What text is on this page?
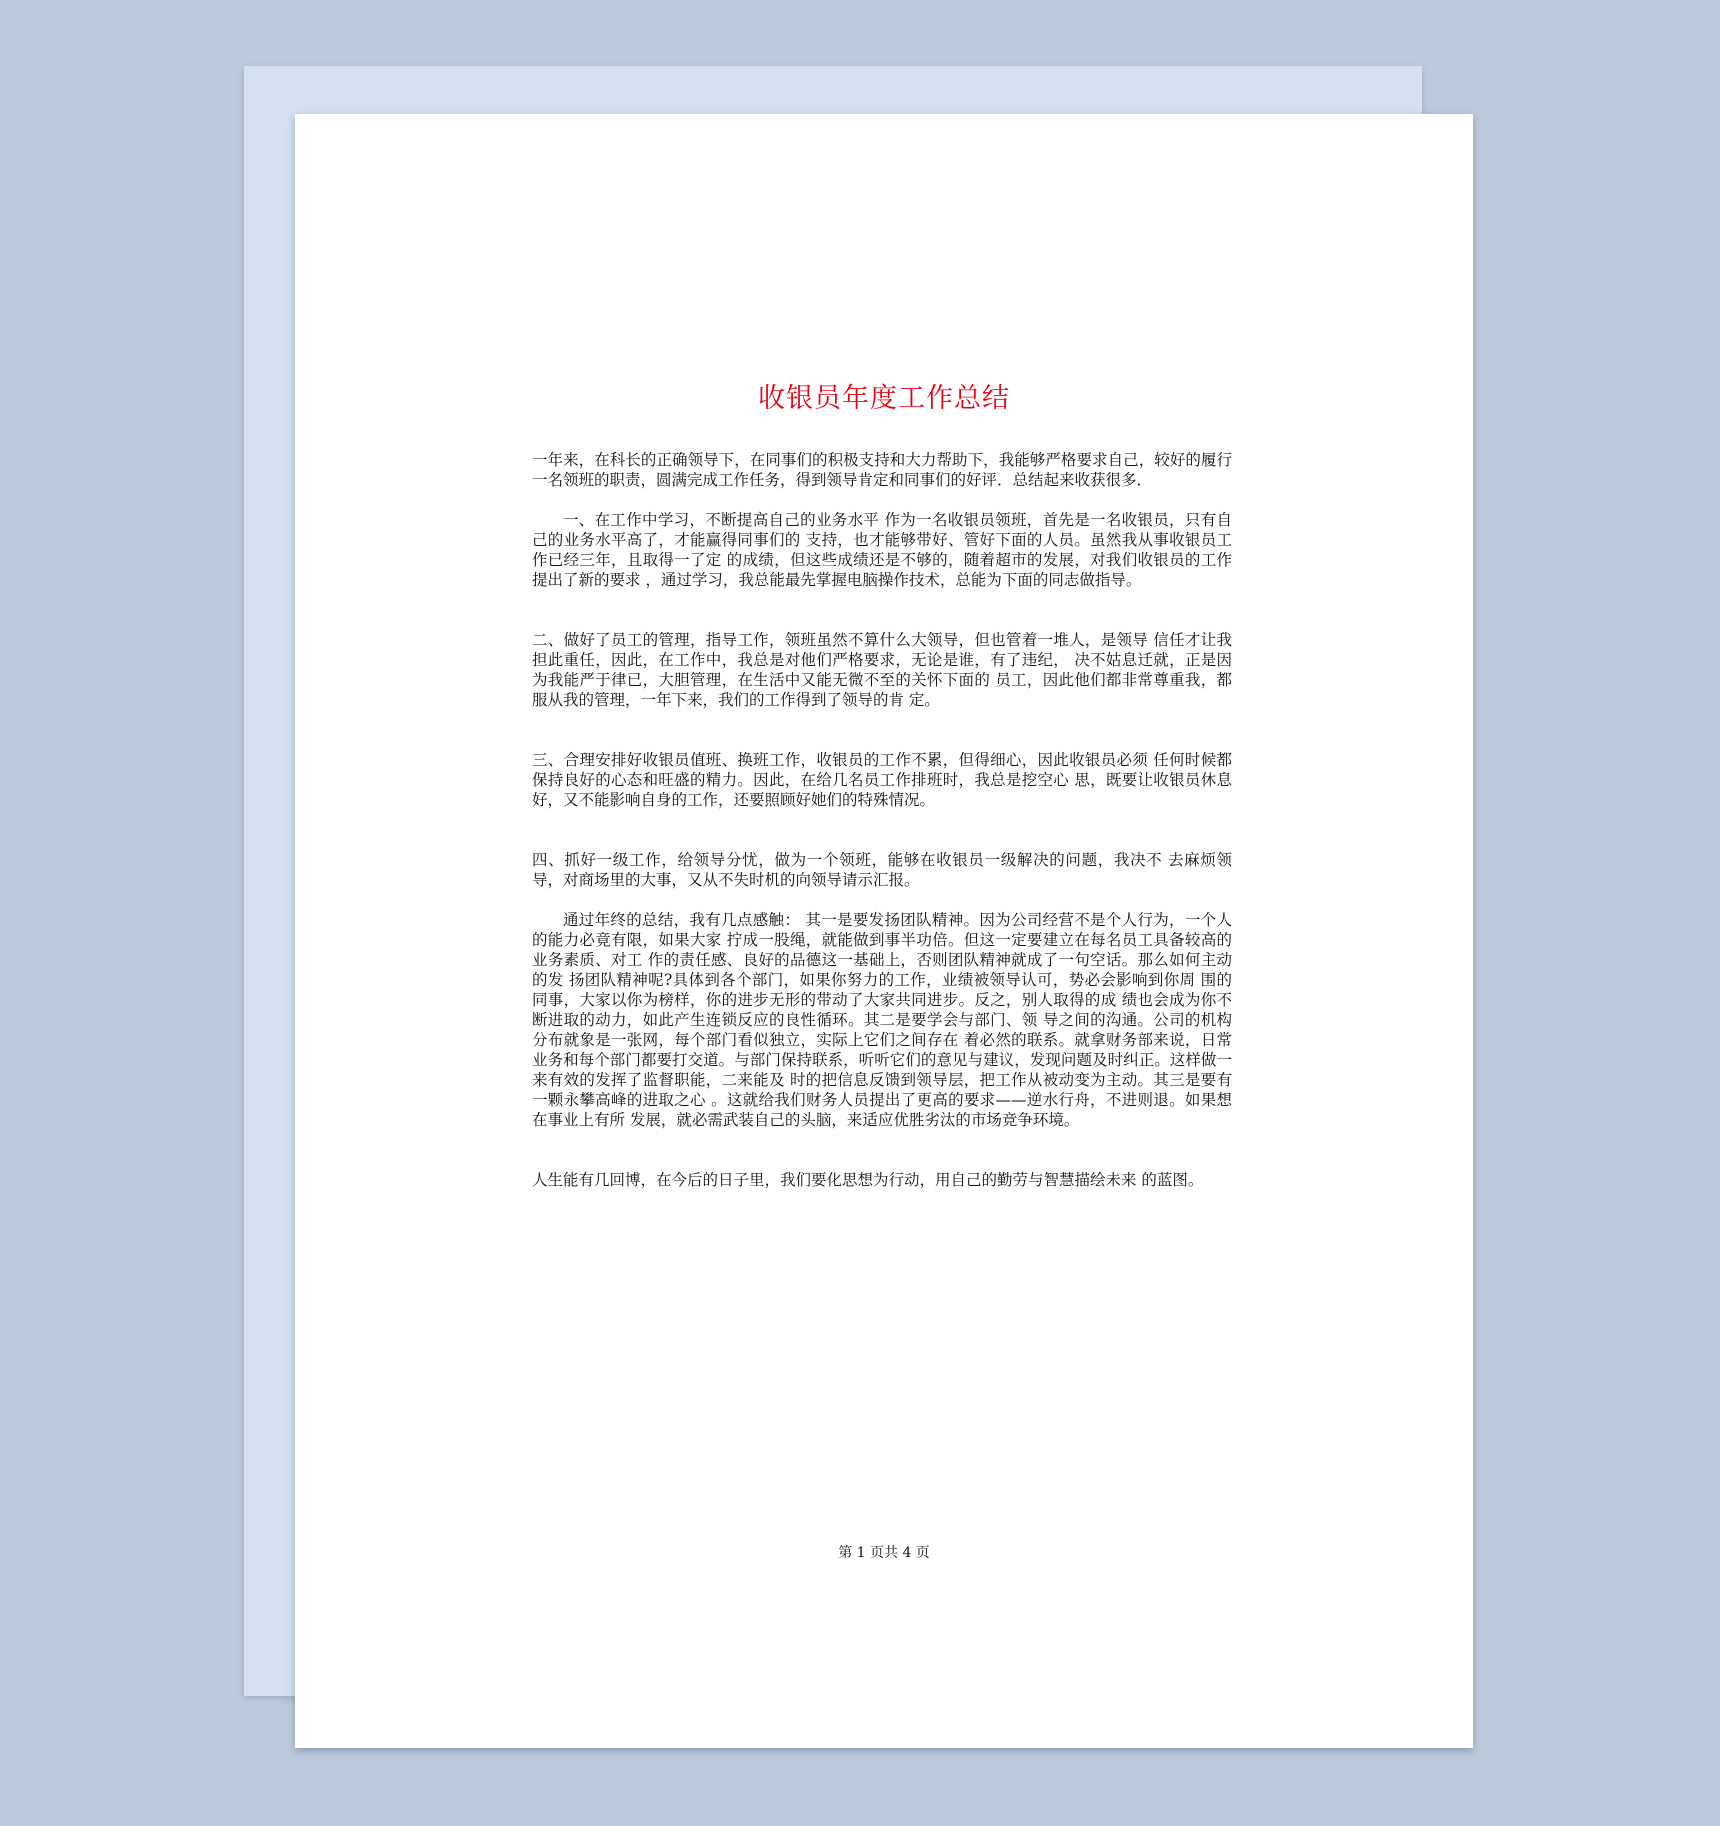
收银员年度工作总结

一年来，在科长的正确领导下，在同事们的积极支持和大力帮助下，我能够严格要求自己，较好的履行一名领班的职责，圆满完成工作任务，得到领导肯定和同事们的好评．总结起来收获很多．

一、在工作中学习，不断提高自己的业务水平 作为一名收银员领班，首先是一名收银员，只有自己的业务水平高了，才能赢得同事们的 支持，也才能够带好、管好下面的人员。虽然我从事收银员工作已经三年，且取得一了定 的成绩，但这些成绩还是不够的，随着超市的发展，对我们收银员的工作提出了新的要求 ，通过学习，我总能最先掌握电脑操作技术，总能为下面的同志做指导。

二、做好了员工的管理，指导工作，领班虽然不算什么大领导，但也管着一堆人，是领导 信任才让我担此重任，因此，在工作中，我总是对他们严格要求，无论是谁，有了违纪， 决不姑息迁就，正是因为我能严于律已，大胆管理，在生活中又能无微不至的关怀下面的 员工，因此他们都非常尊重我，都服从我的管理，一年下来，我们的工作得到了领导的肯 定。

三、合理安排好收银员值班、换班工作，收银员的工作不累，但得细心，因此收银员必须 任何时候都保持良好的心态和旺盛的精力。因此，在给几名员工作排班时，我总是挖空心 思，既要让收银员休息好，又不能影响自身的工作，还要照顾好她们的特殊情况。

四、抓好一级工作，给领导分忧，做为一个领班，能够在收银员一级解决的问题，我决不 去麻烦领导，对商场里的大事，又从不失时机的向领导请示汇报。

通过年终的总结，我有几点感触： 其一是要发扬团队精神。因为公司经营不是个人行为，一个人的能力必竟有限，如果大家 拧成一股绳，就能做到事半功倍。但这一定要建立在每名员工具备较高的业务素质、对工 作的责任感、良好的品德这一基础上，否则团队精神就成了一句空话。那么如何主动的发 扬团队精神呢?具体到各个部门，如果你努力的工作，业绩被领导认可，势必会影响到你周 围的同事，大家以你为榜样，你的进步无形的带动了大家共同进步。反之，别人取得的成 绩也会成为你不断进取的动力，如此产生连锁反应的良性循环。其二是要学会与部门、领 导之间的沟通。公司的机构分布就象是一张网，每个部门看似独立，实际上它们之间存在 着必然的联系。就拿财务部来说，日常业务和每个部门都要打交道。与部门保持联系，听听它们的意见与建议，发现问题及时纠正。这样做一来有效的发挥了监督职能，二来能及 时的把信息反馈到领导层，把工作从被动变为主动。其三是要有一颗永攀高峰的进取之心 。这就给我们财务人员提出了更高的要求——逆水行舟，不进则退。如果想在事业上有所 发展，就必需武装自己的头脑，来适应优胜劣汰的市场竞争环境。

人生能有几回博，在今后的日子里，我们要化思想为行动，用自己的勤劳与智慧描绘未来 的蓝图。

第 1 页共 4 页
